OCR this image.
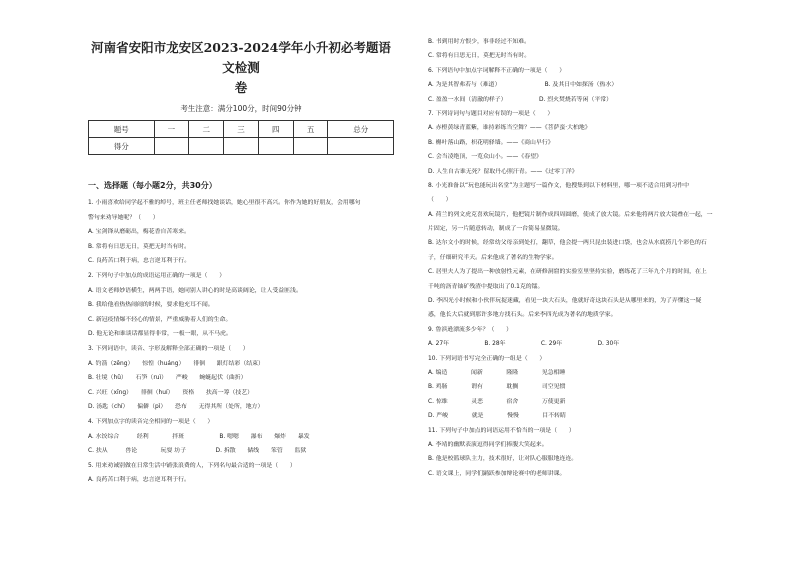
河南省安阳市龙安区2023-2024学年小升初必考题语文检测
卷
考生注意：满分100分，时间90分钟
题号	一	二	三	四	五	总分
得分						
一、选择题（每小题2分，共30分）
1. 小雨喜欢给同学起不雅的绰号，班主任老师找她谈话，她心里很不高兴。你作为她的好朋友，会用哪句
警句来劝导她呢？（　　）
A. 宝剑锋从磨砺出，梅花香自苦寒来。
B. 常将有日思无日，莫把无时当有时。
C. 良药苦口利于病，忠言逆耳利于行。
2. 下列句子中加点的成语运用正确的一项是（　　）
A. 语文老师妙语横生，两两手语，她同别人讲心的时是高谈阔论，让人受益匪浅。
B. 我给他看热热闹闹的时候，要求他充耳不闻。
C. 新冠疫情爆不轻心的情景，严重威胁着人们的生命。
D. 他无论和谁谈话都显得非常，一板一眼，从不马虎。
3. 下列词语中，读音、字形及解释全部正确的一项是（　　）
A. 钓箭（zēng）　　惊惶（huáng）　　徘徊　　跟灯结彩（结束）
B. 壮境（hǔ）　　石笋（ruì）　　严峻　　蜿蜒起伏（曲折）
C. 兴旺（xīng）　　徘徊（huí）　　资格　　扶高一筹（技艺）
D. 汤匙（chí）　　偏僻（pì）　　恐布　　无得其所（处所，地方）
4. 下列加点字的读音完全相同的一项是（　　）
A. 水饺综合　　　经利　　　　拌斑　　　　　　B. 嗯嗯　　瀑布　　爆炸　　暴发
C. 扶从　　　兽论　　　　玩耍 坊子　　　　　D. 拆散　　储线　　笨管　　监狱
5. 用来劝诫别做在日常生活中铺张浪费的人，下列名句最合适的一项是（　　）
A. 良药苦口利于病，忠言逆耳利于行。
B. 书到用时方恨少，事非经过不知难。
C. 常将有日思无日，莫把无时当有时。
6. 下列语句中加点字词解释不正确的一项是（　　）
A. 为是其智弗若与（难道）　　　　　　　　B. 及其日中如探汤（热水）
C. 盈盈一水间（清澈的样子）　　　　　　D. 烈火焚烧若等闲（平常）
7. 下列诗词句与题目对应有误的一项是（　　）
A. 赤橙黄绿青蓝紫，谁持彩练当空舞？——《菩萨蛮·大柏地》
B. 槲叶落山路，枳花明驿墙。——《商山早行》
C. 会当凌绝顶，一览众山小。——《春望》
D. 人生自古谁无死？留取丹心照汗青。——《过零丁洋》
8. 小光准备以“玩也能玩出名堂”为主题写一篇作文，他搜集到以下材料里，哪一项不适合用到习作中
（　　）
A. 荷兰的列文虎克喜欢玩镜片，他把镜片制作成四周圆磨，使成了放大镜。后来他将两片放大镜叠在一起，一
片固定，另一片随意转动，制成了一台简易显微镜。
B. 达尔文小的时候，经常幼父母亲到处打，翻草，他会提一两只昆虫装进口袋，也会从水底捞几个彩色的石
子，仔细研究半天。后来他成了著名的生物学家。
C. 居里夫人为了提出一种放射性元素，在研修洞窟的实验室里坚持实验，磨练花了三年九个月的时间，在上
千吨的沥青铀矿残渣中提取出了0.1克的镭。
D. 李四光小时候和小伙伴玩捉迷藏，看见一块大石头，他就好奇这块石头是从哪里来的，为了弄懂这一疑
惑，他长大后就到那许多地方找石头。后来李四光成为著名的地质学家。
9. 鲁滨逊漂流多少年？（　　）
A. 27年　　　　　　B. 28年　　　　　　C. 29年　　　　　　D. 30年
10. 下列词语书写完全正确的一组是（　　）
A. 编造　　　　闻新　　　　隆隆　　　　见急相睡
B. 鸡肠　　　　谓有　　　　耽搁　　　　司空见惯
C. 惊维　　　　灵恶　　　　宿舍　　　　万使更新
D. 严峻　　　　就是　　　　慢慢　　　　目不转睛
11. 下列句子中加点的词语运用不恰当的一项是（　　）
A. 李靖的幽默表演逗得同学们捧腹大笑起来。
B. 他是校篮球队主力，技术很好，让对队心服服地连连。
C. 语文课上，同学们踊跃参加辩论赛中的老师讲课。
